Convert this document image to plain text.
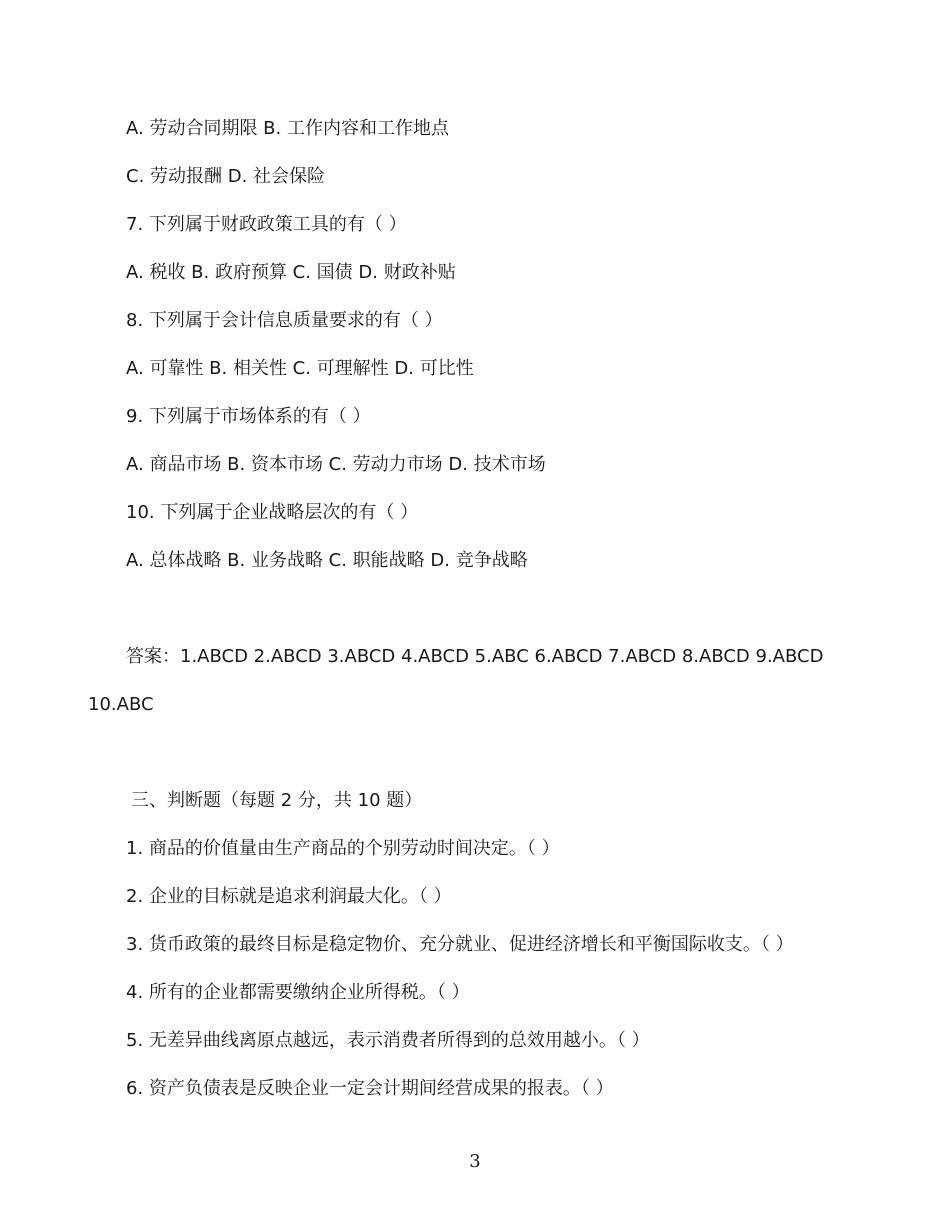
A. 劳动合同期限 B. 工作内容和工作地点
C. 劳动报酬 D. 社会保险
7. 下列属于财政政策工具的有（ ）
A. 税收 B. 政府预算 C. 国债 D. 财政补贴
8. 下列属于会计信息质量要求的有（ ）
A. 可靠性 B. 相关性 C. 可理解性 D. 可比性
9. 下列属于市场体系的有（ ）
A. 商品市场 B. 资本市场 C. 劳动力市场 D. 技术市场
10. 下列属于企业战略层次的有（ ）
A. 总体战略 B. 业务战略 C. 职能战略 D. 竞争战略
答案：1.ABCD 2.ABCD 3.ABCD 4.ABCD 5.ABC 6.ABCD 7.ABCD 8.ABCD 9.ABCD
10.ABC
三、判断题（每题 2 分，共 10 题）
1. 商品的价值量由生产商品的个别劳动时间决定。（ ）
2. 企业的目标就是追求利润最大化。（ ）
3. 货币政策的最终目标是稳定物价、充分就业、促进经济增长和平衡国际收支。（ ）
4. 所有的企业都需要缴纳企业所得税。（ ）
5. 无差异曲线离原点越远，表示消费者所得到的总效用越小。（ ）
6. 资产负债表是反映企业一定会计期间经营成果的报表。（ ）
3
